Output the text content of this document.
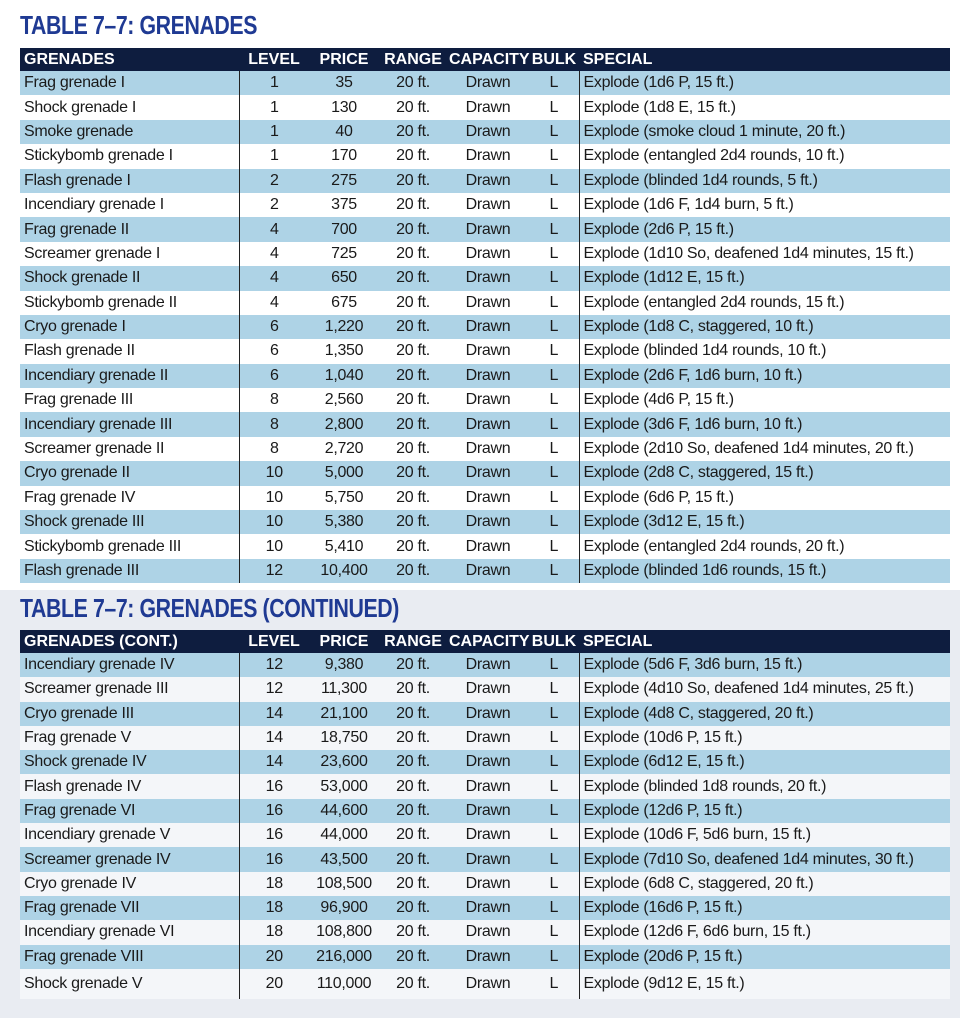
TABLE 7–7: GRENADES
GRENADES	LEVEL	PRICE	RANGE	CAPACITY	BULK	SPECIAL
Frag grenade I	1	35	20 ft.	Drawn	L	Explode (1d6 P, 15 ft.)
Shock grenade I	1	130	20 ft.	Drawn	L	Explode (1d8 E, 15 ft.)
Smoke grenade	1	40	20 ft.	Drawn	L	Explode (smoke cloud 1 minute, 20 ft.)
Stickybomb grenade I	1	170	20 ft.	Drawn	L	Explode (entangled 2d4 rounds, 10 ft.)
Flash grenade I	2	275	20 ft.	Drawn	L	Explode (blinded 1d4 rounds, 5 ft.)
Incendiary grenade I	2	375	20 ft.	Drawn	L	Explode (1d6 F, 1d4 burn, 5 ft.)
Frag grenade II	4	700	20 ft.	Drawn	L	Explode (2d6 P, 15 ft.)
Screamer grenade I	4	725	20 ft.	Drawn	L	Explode (1d10 So, deafened 1d4 minutes, 15 ft.)
Shock grenade II	4	650	20 ft.	Drawn	L	Explode (1d12 E, 15 ft.)
Stickybomb grenade II	4	675	20 ft.	Drawn	L	Explode (entangled 2d4 rounds, 15 ft.)
Cryo grenade I	6	1,220	20 ft.	Drawn	L	Explode (1d8 C, staggered, 10 ft.)
Flash grenade II	6	1,350	20 ft.	Drawn	L	Explode (blinded 1d4 rounds, 10 ft.)
Incendiary grenade II	6	1,040	20 ft.	Drawn	L	Explode (2d6 F, 1d6 burn, 10 ft.)
Frag grenade III	8	2,560	20 ft.	Drawn	L	Explode (4d6 P, 15 ft.)
Incendiary grenade III	8	2,800	20 ft.	Drawn	L	Explode (3d6 F, 1d6 burn, 10 ft.)
Screamer grenade II	8	2,720	20 ft.	Drawn	L	Explode (2d10 So, deafened 1d4 minutes, 20 ft.)
Cryo grenade II	10	5,000	20 ft.	Drawn	L	Explode (2d8 C, staggered, 15 ft.)
Frag grenade IV	10	5,750	20 ft.	Drawn	L	Explode (6d6 P, 15 ft.)
Shock grenade III	10	5,380	20 ft.	Drawn	L	Explode (3d12 E, 15 ft.)
Stickybomb grenade III	10	5,410	20 ft.	Drawn	L	Explode (entangled 2d4 rounds, 20 ft.)
Flash grenade III	12	10,400	20 ft.	Drawn	L	Explode (blinded 1d6 rounds, 15 ft.)
TABLE 7–7: GRENADES (CONTINUED)
GRENADES (CONT.)	LEVEL	PRICE	RANGE	CAPACITY	BULK	SPECIAL
Incendiary grenade IV	12	9,380	20 ft.	Drawn	L	Explode (5d6 F, 3d6 burn, 15 ft.)
Screamer grenade III	12	11,300	20 ft.	Drawn	L	Explode (4d10 So, deafened 1d4 minutes, 25 ft.)
Cryo grenade III	14	21,100	20 ft.	Drawn	L	Explode (4d8 C, staggered, 20 ft.)
Frag grenade V	14	18,750	20 ft.	Drawn	L	Explode (10d6 P, 15 ft.)
Shock grenade IV	14	23,600	20 ft.	Drawn	L	Explode (6d12 E, 15 ft.)
Flash grenade IV	16	53,000	20 ft.	Drawn	L	Explode (blinded 1d8 rounds, 20 ft.)
Frag grenade VI	16	44,600	20 ft.	Drawn	L	Explode (12d6 P, 15 ft.)
Incendiary grenade V	16	44,000	20 ft.	Drawn	L	Explode (10d6 F, 5d6 burn, 15 ft.)
Screamer grenade IV	16	43,500	20 ft.	Drawn	L	Explode (7d10 So, deafened 1d4 minutes, 30 ft.)
Cryo grenade IV	18	108,500	20 ft.	Drawn	L	Explode (6d8 C, staggered, 20 ft.)
Frag grenade VII	18	96,900	20 ft.	Drawn	L	Explode (16d6 P, 15 ft.)
Incendiary grenade VI	18	108,800	20 ft.	Drawn	L	Explode (12d6 F, 6d6 burn, 15 ft.)
Frag grenade VIII	20	216,000	20 ft.	Drawn	L	Explode (20d6 P, 15 ft.)
Shock grenade V	20	110,000	20 ft.	Drawn	L	Explode (9d12 E, 15 ft.)
